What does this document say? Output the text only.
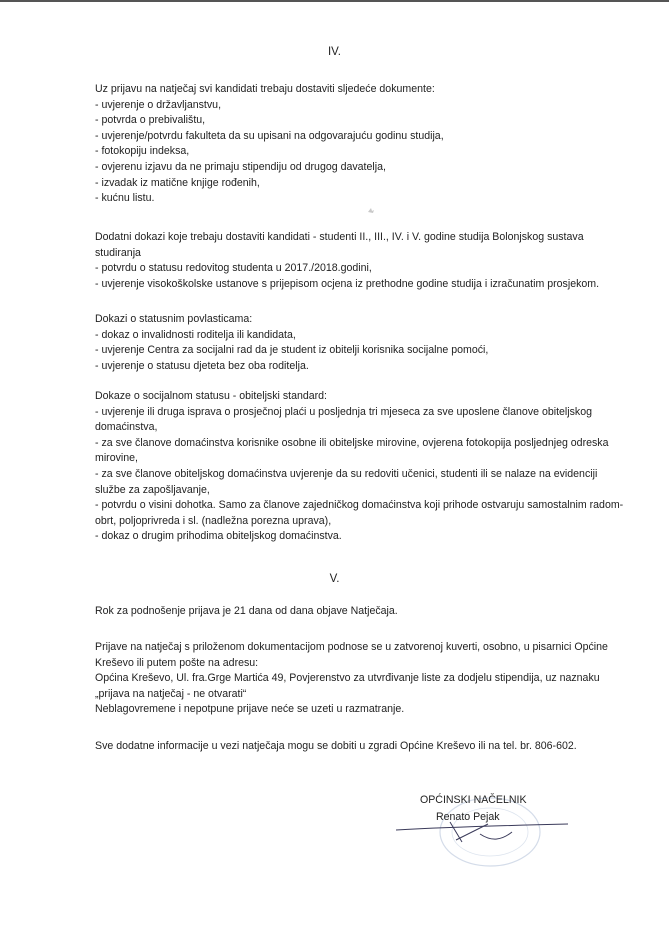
IV.
Uz prijavu na natječaj svi kandidati trebaju dostaviti sljedeće dokumente:
- uvjerenje o državljanstvu,
- potvrda o prebivalištu,
- uvjerenje/potvrdu fakulteta da su upisani na odgovarajuću godinu studija,
- fotokopiju indeksa,
- ovjerenu izjavu da ne primaju stipendiju od drugog davatelja,
- izvadak iz matične knjige rođenih,
- kućnu listu.
Dodatni dokazi koje trebaju dostaviti kandidati - studenti II., III., IV. i V. godine studija Bolonjskog sustava
studiranja
- potvrdu o statusu redovitog studenta u 2017./2018.godini,
- uvjerenje visokoškolske ustanove s prijepisom ocjena iz prethodne godine studija i izračunatim prosjekom.
Dokazi o statusnim povlasticama:
- dokaz o invalidnosti roditelja ili kandidata,
- uvjerenje Centra za socijalni rad da je student iz obitelji korisnika socijalne pomoći,
- uvjerenje o statusu djeteta bez oba roditelja.
Dokaze o socijalnom statusu - obiteljski standard:
- uvjerenje ili druga isprava o prosječnoj plaći u posljednja tri mjeseca za sve uposlene članove obiteljskog
domaćinstva,
- za sve članove domaćinstva korisnike osobne ili obiteljske mirovine, ovjerena fotokopija posljednjeg odreska
mirovine,
- za sve članove obiteljskog domaćinstva uvjerenje da su redoviti učenici, studenti ili se nalaze na evidenciji
službe za zapošljavanje,
- potvrdu o visini dohotka. Samo za članove zajedničkog domaćinstva koji prihode ostvaruju samostalnim radom-
obrt, poljoprivreda i sl. (nadležna porezna uprava),
- dokaz o drugim prihodima obiteljskog domaćinstva.
V.
Rok za podnošenje prijava je 21 dana od dana objave Natječaja.
Prijave na natječaj s priloženom dokumentacijom podnose se u zatvorenoj kuverti, osobno, u pisarnici Općine
Kreševo ili putem pošte na adresu:
Općina Kreševo, Ul. fra.Grge Martića 49, Povjerenstvo za utvrđivanje liste za dodjelu stipendija, uz naznaku
„prijava na natječaj - ne otvarati“
Neblagovremene i nepotpune prijave neće se uzeti u razmatranje.
Sve dodatne informacije u vezi natječaja mogu se dobiti u zgradi Općine Kreševo ili na tel. br. 806-602.
OPĆINSKI NAČELNIK
Renato Pejak
